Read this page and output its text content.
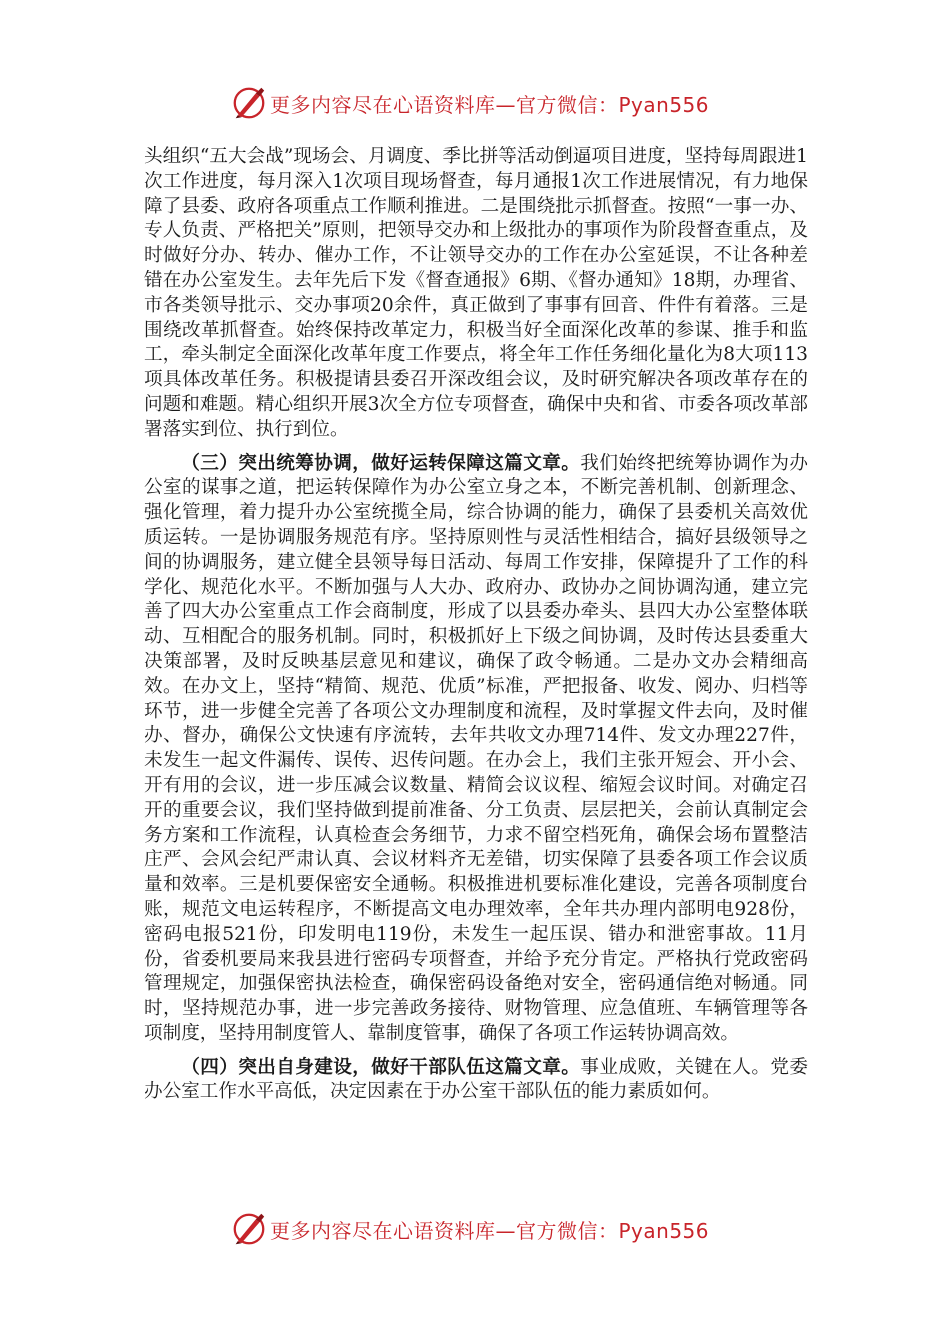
更多内容尽在心语资料库—官方微信：Pyan556

头组织“五大会战”现场会、月调度、季比拼等活动倒逼项目进度，坚持每周跟进1次工作进度，每月深入1次项目现场督查，每月通报1次工作进展情况，有力地保障了县委、政府各项重点工作顺利推进。二是围绕批示抓督查。按照“一事一办、专人负责、严格把关”原则，把领导交办和上级批办的事项作为阶段督查重点，及时做好分办、转办、催办工作，不让领导交办的工作在办公室延误，不让各种差错在办公室发生。去年先后下发《督查通报》6期、《督办通知》18期，办理省、市各类领导批示、交办事项20余件，真正做到了事事有回音、件件有着落。三是围绕改革抓督查。始终保持改革定力，积极当好全面深化改革的参谋、推手和监工，牵头制定全面深化改革年度工作要点，将全年工作任务细化量化为8大项113项具体改革任务。积极提请县委召开深改组会议，及时研究解决各项改革存在的问题和难题。精心组织开展3次全方位专项督查，确保中央和省、市委各项改革部署落实到位、执行到位。

（三）突出统筹协调，做好运转保障这篇文章。我们始终把统筹协调作为办公室的谋事之道，把运转保障作为办公室立身之本，不断完善机制、创新理念、强化管理，着力提升办公室统揽全局，综合协调的能力，确保了县委机关高效优质运转。一是协调服务规范有序。坚持原则性与灵活性相结合，搞好县级领导之间的协调服务，建立健全县领导每日活动、每周工作安排，保障提升了工作的科学化、规范化水平。不断加强与人大办、政府办、政协办之间协调沟通，建立完善了四大办公室重点工作会商制度，形成了以县委办牵头、县四大办公室整体联动、互相配合的服务机制。同时，积极抓好上下级之间协调，及时传达县委重大决策部署，及时反映基层意见和建议，确保了政令畅通。二是办文办会精细高效。在办文上，坚持“精简、规范、优质”标准，严把报备、收发、阅办、归档等环节，进一步健全完善了各项公文办理制度和流程，及时掌握文件去向，及时催办、督办，确保公文快速有序流转，去年共收文办理714件、发文办理227件，未发生一起文件漏传、误传、迟传问题。在办会上，我们主张开短会、开小会、开有用的会议，进一步压减会议数量、精简会议议程、缩短会议时间。对确定召开的重要会议，我们坚持做到提前准备、分工负责、层层把关，会前认真制定会务方案和工作流程，认真检查会务细节，力求不留空档死角，确保会场布置整洁庄严、会风会纪严肃认真、会议材料齐无差错，切实保障了县委各项工作会议质量和效率。三是机要保密安全通畅。积极推进机要标准化建设，完善各项制度台账，规范文电运转程序，不断提高文电办理效率，全年共办理内部明电928份，密码电报521份，印发明电119份，未发生一起压误、错办和泄密事故。11月份，省委机要局来我县进行密码专项督查，并给予充分肯定。严格执行党政密码管理规定，加强保密执法检查，确保密码设备绝对安全，密码通信绝对畅通。同时，坚持规范办事，进一步完善政务接待、财物管理、应急值班、车辆管理等各项制度，坚持用制度管人、靠制度管事，确保了各项工作运转协调高效。

（四）突出自身建设，做好干部队伍这篇文章。事业成败，关键在人。党委办公室工作水平高低，决定因素在于办公室干部队伍的能力素质如何。

更多内容尽在心语资料库—官方微信：Pyan556
